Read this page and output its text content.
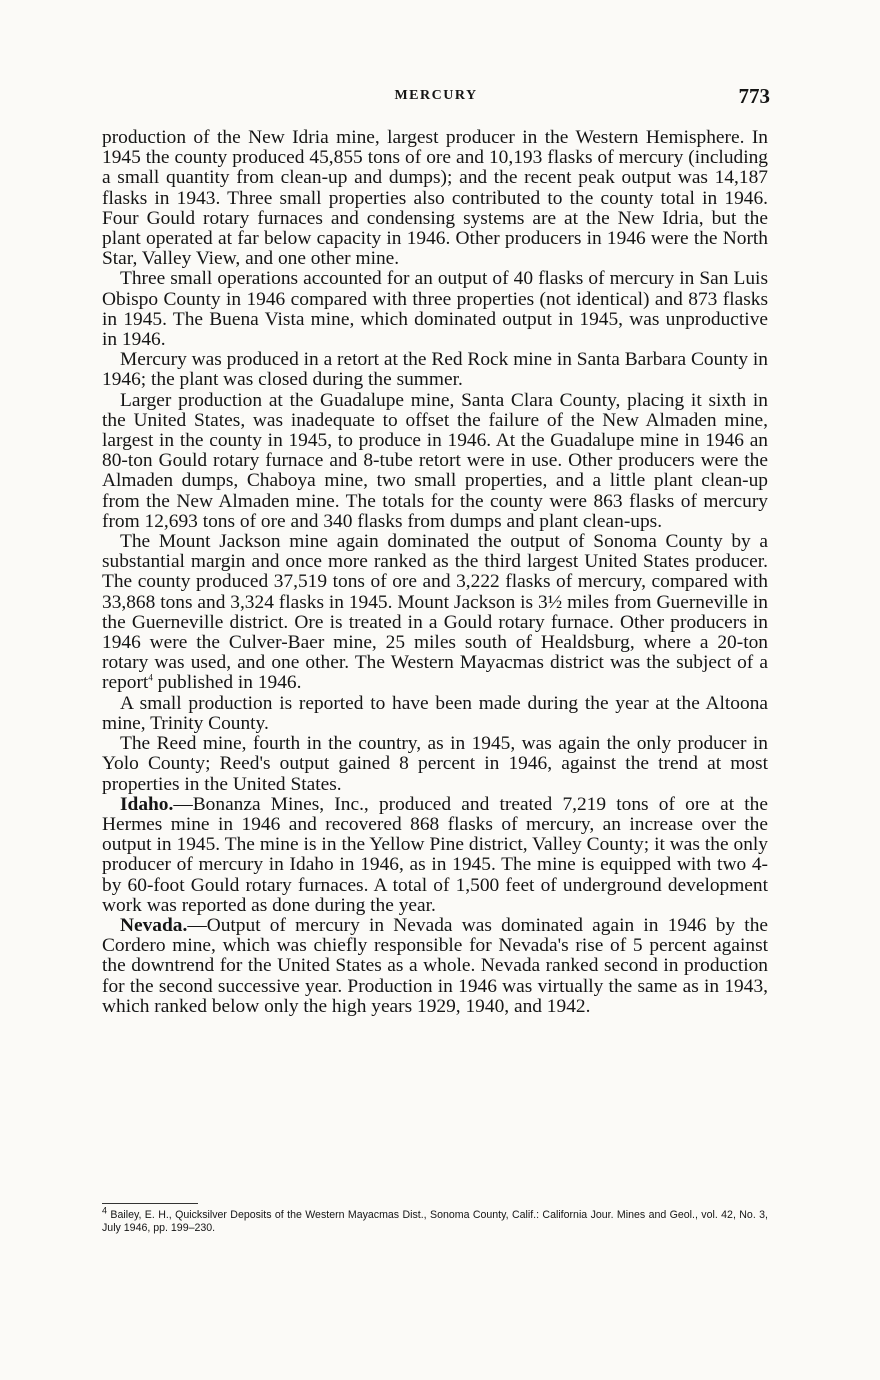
MERCURY	773

production of the New Idria mine, largest producer in the Western Hemisphere. In 1945 the county produced 45,855 tons of ore and 10,193 flasks of mercury (including a small quantity from clean-up and dumps); and the recent peak output was 14,187 flasks in 1943. Three small properties also contributed to the county total in 1946. Four Gould rotary furnaces and condensing systems are at the New Idria, but the plant operated at far below capacity in 1946. Other producers in 1946 were the North Star, Valley View, and one other mine.

Three small operations accounted for an output of 40 flasks of mercury in San Luis Obispo County in 1946 compared with three properties (not identical) and 873 flasks in 1945. The Buena Vista mine, which dominated output in 1945, was unproductive in 1946.

Mercury was produced in a retort at the Red Rock mine in Santa Barbara County in 1946; the plant was closed during the summer.

Larger production at the Guadalupe mine, Santa Clara County, placing it sixth in the United States, was inadequate to offset the failure of the New Almaden mine, largest in the county in 1945, to produce in 1946. At the Guadalupe mine in 1946 an 80-ton Gould rotary furnace and 8-tube retort were in use. Other producers were the Almaden dumps, Chaboya mine, two small properties, and a little plant clean-up from the New Almaden mine. The totals for the county were 863 flasks of mercury from 12,693 tons of ore and 340 flasks from dumps and plant clean-ups.

The Mount Jackson mine again dominated the output of Sonoma County by a substantial margin and once more ranked as the third largest United States producer. The county produced 37,519 tons of ore and 3,222 flasks of mercury, compared with 33,868 tons and 3,324 flasks in 1945. Mount Jackson is 3½ miles from Guerneville in the Guerneville district. Ore is treated in a Gould rotary furnace. Other producers in 1946 were the Culver-Baer mine, 25 miles south of Healdsburg, where a 20-ton rotary was used, and one other. The Western Mayacmas district was the subject of a report$^4$ published in 1946.

A small production is reported to have been made during the year at the Altoona mine, Trinity County.

The Reed mine, fourth in the country, as in 1945, was again the only producer in Yolo County; Reed's output gained 8 percent in 1946, against the trend at most properties in the United States.

Idaho.—Bonanza Mines, Inc., produced and treated 7,219 tons of ore at the Hermes mine in 1946 and recovered 868 flasks of mercury, an increase over the output in 1945. The mine is in the Yellow Pine district, Valley County; it was the only producer of mercury in Idaho in 1946, as in 1945. The mine is equipped with two 4- by 60-foot Gould rotary furnaces. A total of 1,500 feet of underground development work was reported as done during the year.

Nevada.—Output of mercury in Nevada was dominated again in 1946 by the Cordero mine, which was chiefly responsible for Nevada's rise of 5 percent against the downtrend for the United States as a whole. Nevada ranked second in production for the second successive year. Production in 1946 was virtually the same as in 1943, which ranked below only the high years 1929, 1940, and 1942.

$^4$ Bailey, E. H., Quicksilver Deposits of the Western Mayacmas Dist., Sonoma County, Calif.: California Jour. Mines and Geol., vol. 42, No. 3, July 1946, pp. 199–230.
